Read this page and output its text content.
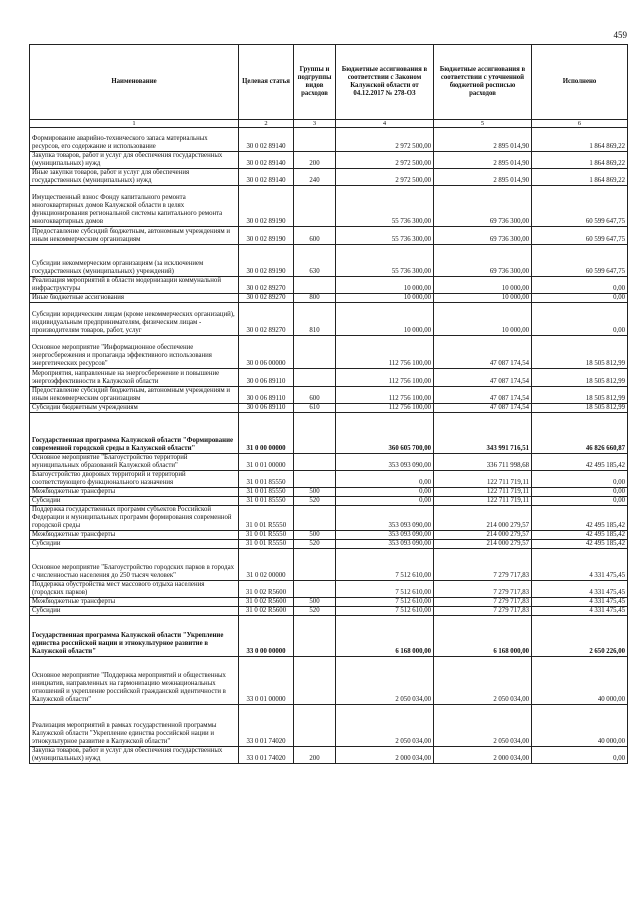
459
Наименование	Целевая статья	Группы и подгруппы видов расходов	Бюджетные ассигнования в соответствии с Законом Калужской области от 04.12.2017 № 278-ОЗ	Бюджетные ассигнования в соответствии с уточненной бюджетной росписью расходов	Исполнено
1	2	3	4	5	6
Формирование аварийно-технического запаса материальных ресурсов, его содержание и использование	30 0 02 89140		2 972 500,00	2 895 014,90	1 864 869,22
Закупка товаров, работ и услуг для обеспечения государственных (муниципальных) нужд	30 0 02 89140	200	2 972 500,00	2 895 014,90	1 864 869,22
Иные закупки товаров, работ и услуг для обеспечения государственных (муниципальных) нужд	30 0 02 89140	240	2 972 500,00	2 895 014,90	1 864 869,22
Имущественный взнос Фонду капитального ремонта многоквартирных домов Калужской области в целях функционирования региональной системы капитального ремонта многоквартирных домов	30 0 02 89190		55 736 300,00	69 736 300,00	60 599 647,75
Предоставление субсидий бюджетным, автономным учреждениям и иным некоммерческим организациям	30 0 02 89190	600	55 736 300,00	69 736 300,00	60 599 647,75
Субсидии некоммерческим организациям (за исключением государственных (муниципальных) учреждений)	30 0 02 89190	630	55 736 300,00	69 736 300,00	60 599 647,75
Реализация мероприятий в области модернизации коммунальной инфраструктуры	30 0 02 89270		10 000,00	10 000,00	0,00
Иные бюджетные ассигнования	30 0 02 89270	800	10 000,00	10 000,00	0,00
Субсидии юридическим лицам (кроме некоммерческих организаций), индивидуальным предпринимателям, физическим лицам - производителям товаров, работ, услуг	30 0 02 89270	810	10 000,00	10 000,00	0,00
Основное мероприятие "Информационное обеспечение энергосбережения и пропаганда эффективного использования энергетических ресурсов"	30 0 06 00000		112 756 100,00	47 087 174,54	18 505 812,99
Мероприятия, направленные на энергосбережение и повышение энергоэффективности в Калужской области	30 0 06 89110		112 756 100,00	47 087 174,54	18 505 812,99
Предоставление субсидий бюджетным, автономным учреждениям и иным некоммерческим организациям	30 0 06 89110	600	112 756 100,00	47 087 174,54	18 505 812,99
Субсидии бюджетным учреждениям	30 0 06 89110	610	112 756 100,00	47 087 174,54	18 505 812,99
Государственная программа Калужской области "Формирование современной городской среды в Калужской области"	31 0 00 00000		360 605 700,00	343 991 716,51	46 826 660,87
Основное мероприятие "Благоустройство территорий муниципальных образований Калужской области"	31 0 01 00000		353 093 090,00	336 711 998,68	42 495 185,42
Благоустройство дворовых территорий и территорий соответствующего функционального назначения	31 0 01 85550		0,00	122 711 719,11	0,00
Межбюджетные трансферты	31 0 01 85550	500	0,00	122 711 719,11	0,00
Субсидии	31 0 01 85550	520	0,00	122 711 719,11	0,00
Поддержка государственных программ субъектов Российской Федерации и муниципальных программ формирования современной городской среды	31 0 01 R5550		353 093 090,00	214 000 279,57	42 495 185,42
Межбюджетные трансферты	31 0 01 R5550	500	353 093 090,00	214 000 279,57	42 495 185,42
Субсидии	31 0 01 R5550	520	353 093 090,00	214 000 279,57	42 495 185,42
Основное мероприятие "Благоустройство городских парков в городах с численностью населения до 250 тысяч человек"	31 0 02 00000		7 512 610,00	7 279 717,83	4 331 475,45
Поддержка обустройства мест массового отдыха населения (городских парков)	31 0 02 R5600		7 512 610,00	7 279 717,83	4 331 475,45
Межбюджетные трансферты	31 0 02 R5600	500	7 512 610,00	7 279 717,83	4 331 475,45
Субсидии	31 0 02 R5600	520	7 512 610,00	7 279 717,83	4 331 475,45
Государственная программа Калужской области "Укрепление единства российской нации и этнокультурное развитие в Калужской области"	33 0 00 00000		6 168 000,00	6 168 000,00	2 650 226,00
Основное мероприятие "Поддержка мероприятий и общественных инициатив, направленных на гармонизацию межнациональных отношений и укрепление российской гражданской идентичности в Калужской области"	33 0 01 00000		2 050 034,00	2 050 034,00	40 000,00
Реализация мероприятий в рамках государственной программы Калужской области "Укрепление единства российской нации и этнокультурное развитие в Калужской области"	33 0 01 74020		2 050 034,00	2 050 034,00	40 000,00
Закупка товаров, работ и услуг для обеспечения государственных (муниципальных) нужд	33 0 01 74020	200	2 000 034,00	2 000 034,00	0,00
